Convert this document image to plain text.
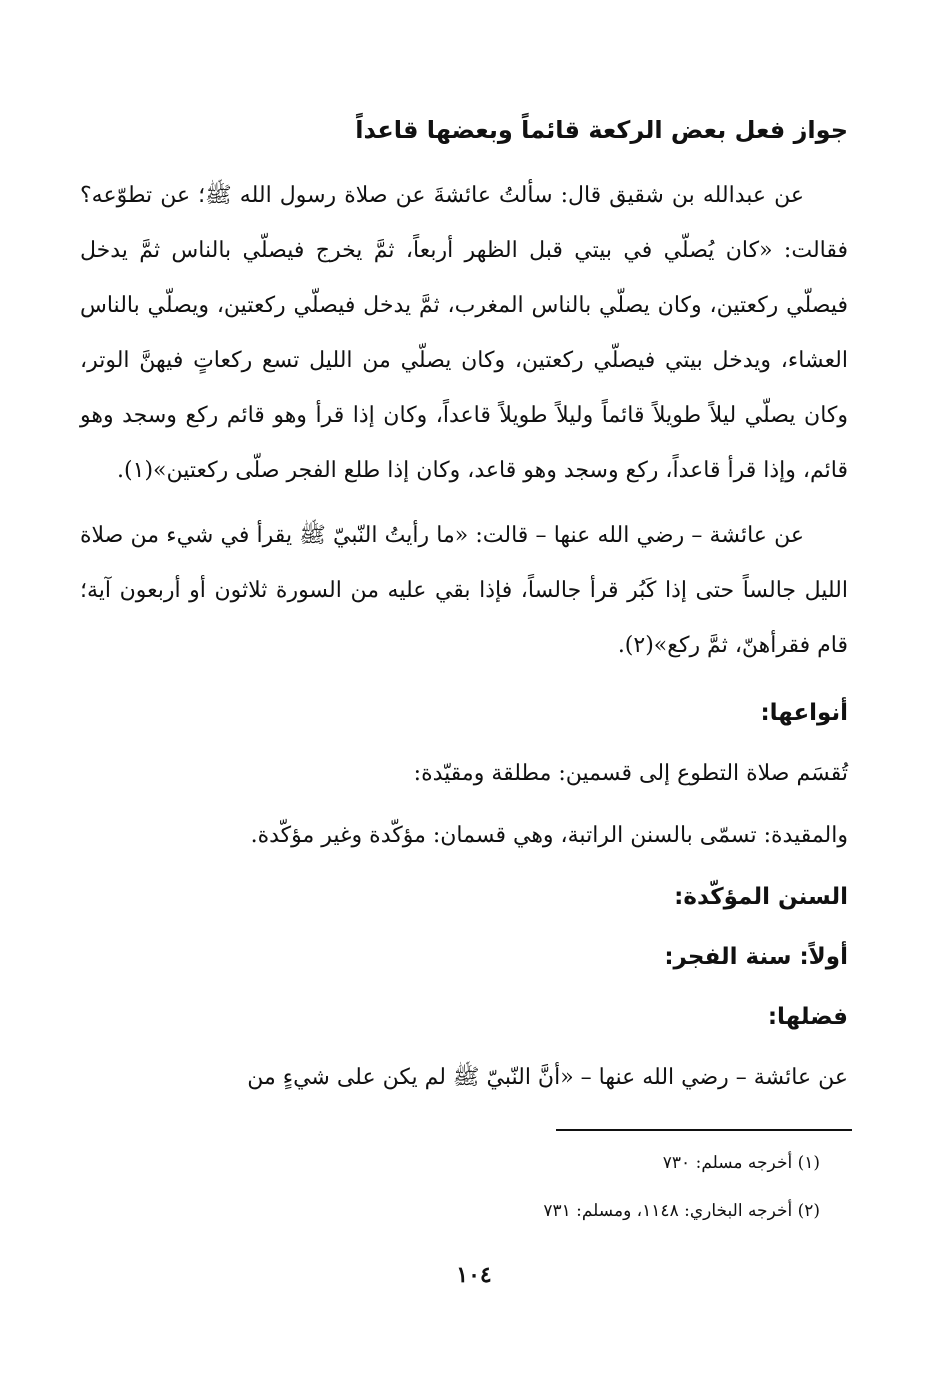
جواز فعل بعض الركعة قائماً وبعضها قاعداً

عن عبدالله بن شقيق قال: سألتُ عائشةَ عن صلاة رسول الله ﷺ؛ عن تطوّعه؟ فقالت: «كان يُصلّي في بيتي قبل الظهر أربعاً، ثمَّ يخرج فيصلّي بالناس ثمَّ يدخل فيصلّي ركعتين، وكان يصلّي بالناس المغرب، ثمَّ يدخل فيصلّي ركعتين، ويصلّي بالناس العشاء، ويدخل بيتي فيصلّي ركعتين، وكان يصلّي من الليل تسع ركعاتٍ فيهنَّ الوتر، وكان يصلّي ليلاً طويلاً قائماً وليلاً طويلاً قاعداً، وكان إذا قرأ وهو قائم ركع وسجد وهو قائم، وإذا قرأ قاعداً، ركع وسجد وهو قاعد، وكان إذا طلع الفجر صلّى ركعتين»(١).

عن عائشة – رضي الله عنها – قالت: «ما رأيتُ النّبيّ ﷺ يقرأ في شيء من صلاة الليل جالساً حتى إذا كَبُر قرأ جالساً، فإذا بقي عليه من السورة ثلاثون أو أربعون آية؛ قام فقرأهنّ، ثمَّ ركع»(٢).

أنواعها:
تُقسَم صلاة التطوع إلى قسمين: مطلقة ومقيّدة:
والمقيدة: تسمّى بالسنن الراتبة، وهي قسمان: مؤكّدة وغير مؤكّدة.
السنن المؤكّدة:
أولاً: سنة الفجر:
فضلها:
عن عائشة – رضي الله عنها – «أنَّ النّبيّ ﷺ لم يكن على شيءٍ من
(١) أخرجه مسلم: ٧٣٠
(٢) أخرجه البخاري: ١١٤٨، ومسلم: ٧٣١
١٠٤
